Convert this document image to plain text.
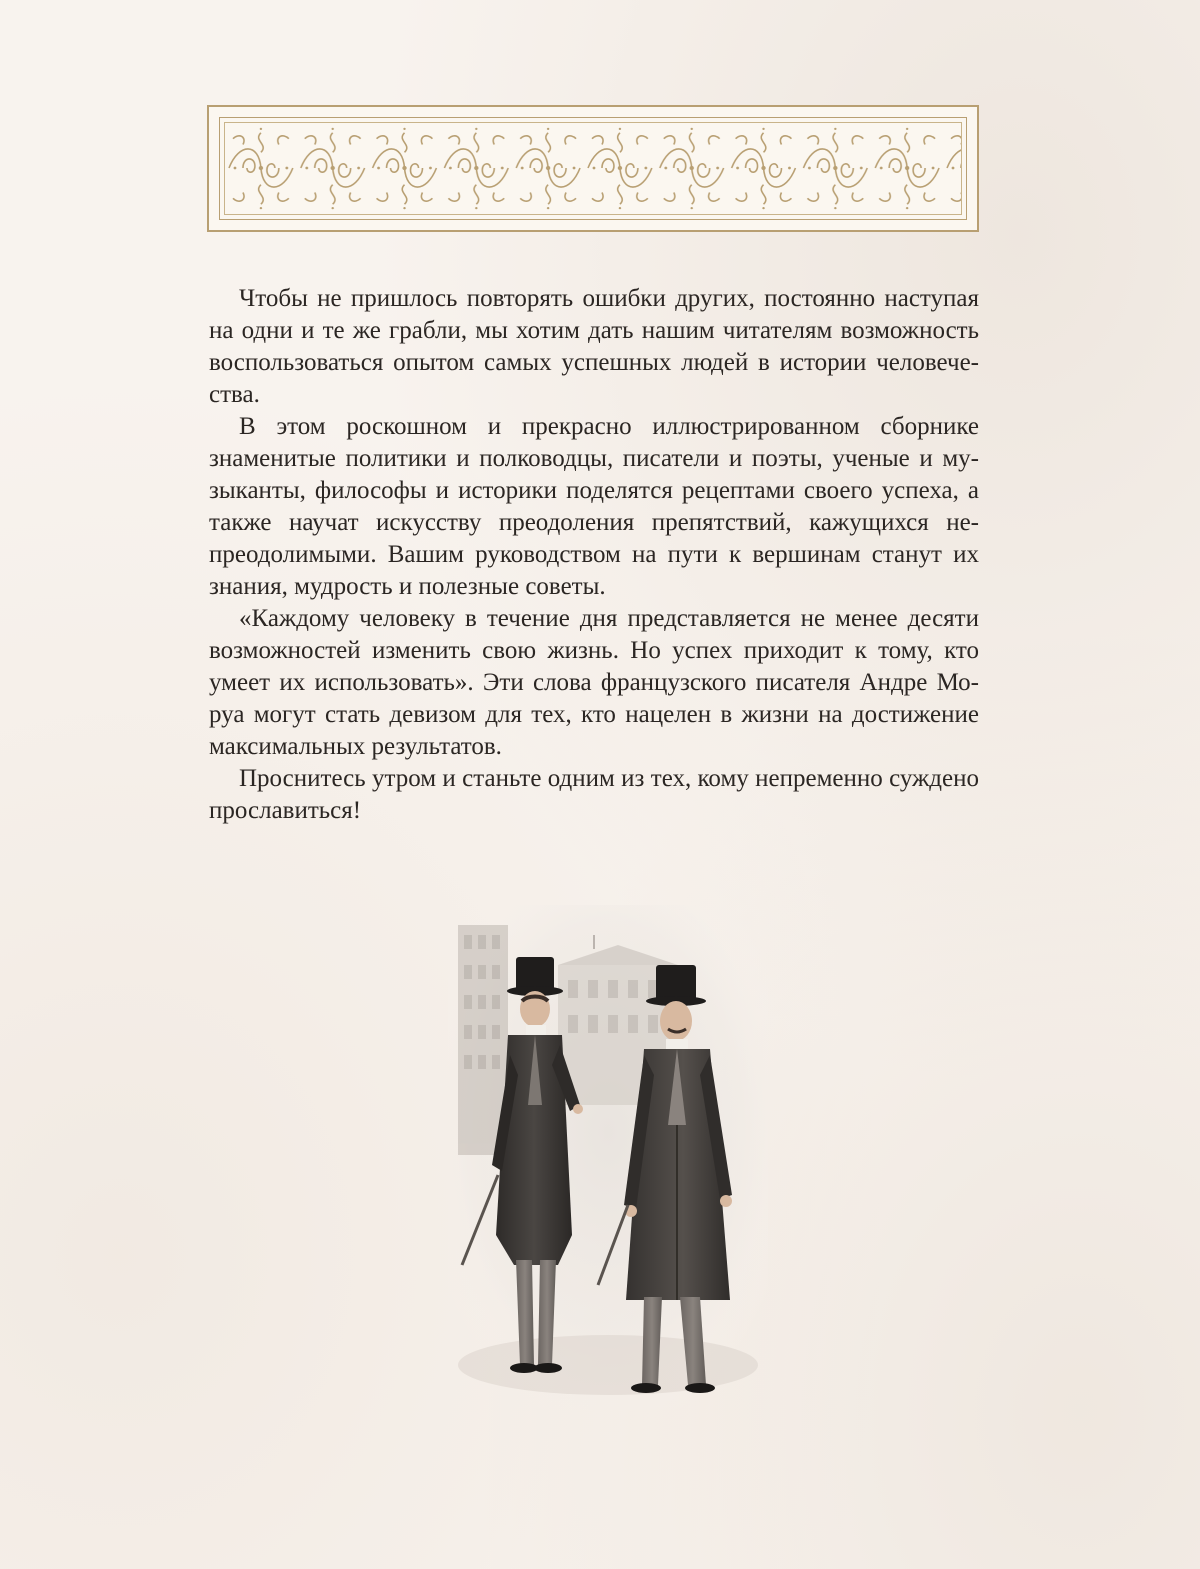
Чтобы не пришлось повторять ошибки других, постоянно наступая на одни и те же грабли, мы хотим дать нашим читателям возможность воспользоваться опытом самых успешных людей в истории человечества.

В этом роскошном и прекрасно иллюстрированном сборнике знаменитые политики и полководцы, писатели и поэты, ученые и музыканты, философы и историки поделятся рецептами своего успеха, а также научат искусству преодоления препятствий, кажущихся непреодолимыми. Вашим руководством на пути к вершинам станут их знания, мудрость и полезные советы.

«Каждому человеку в течение дня представляется не менее десяти возможностей изменить свою жизнь. Но успех приходит к тому, кто умеет их использовать». Эти слова французского писателя Андре Моруа могут стать девизом для тех, кто нацелен в жизни на достижение максимальных результатов.

Проснитесь утром и станьте одним из тех, кому непременно суждено прославиться!
